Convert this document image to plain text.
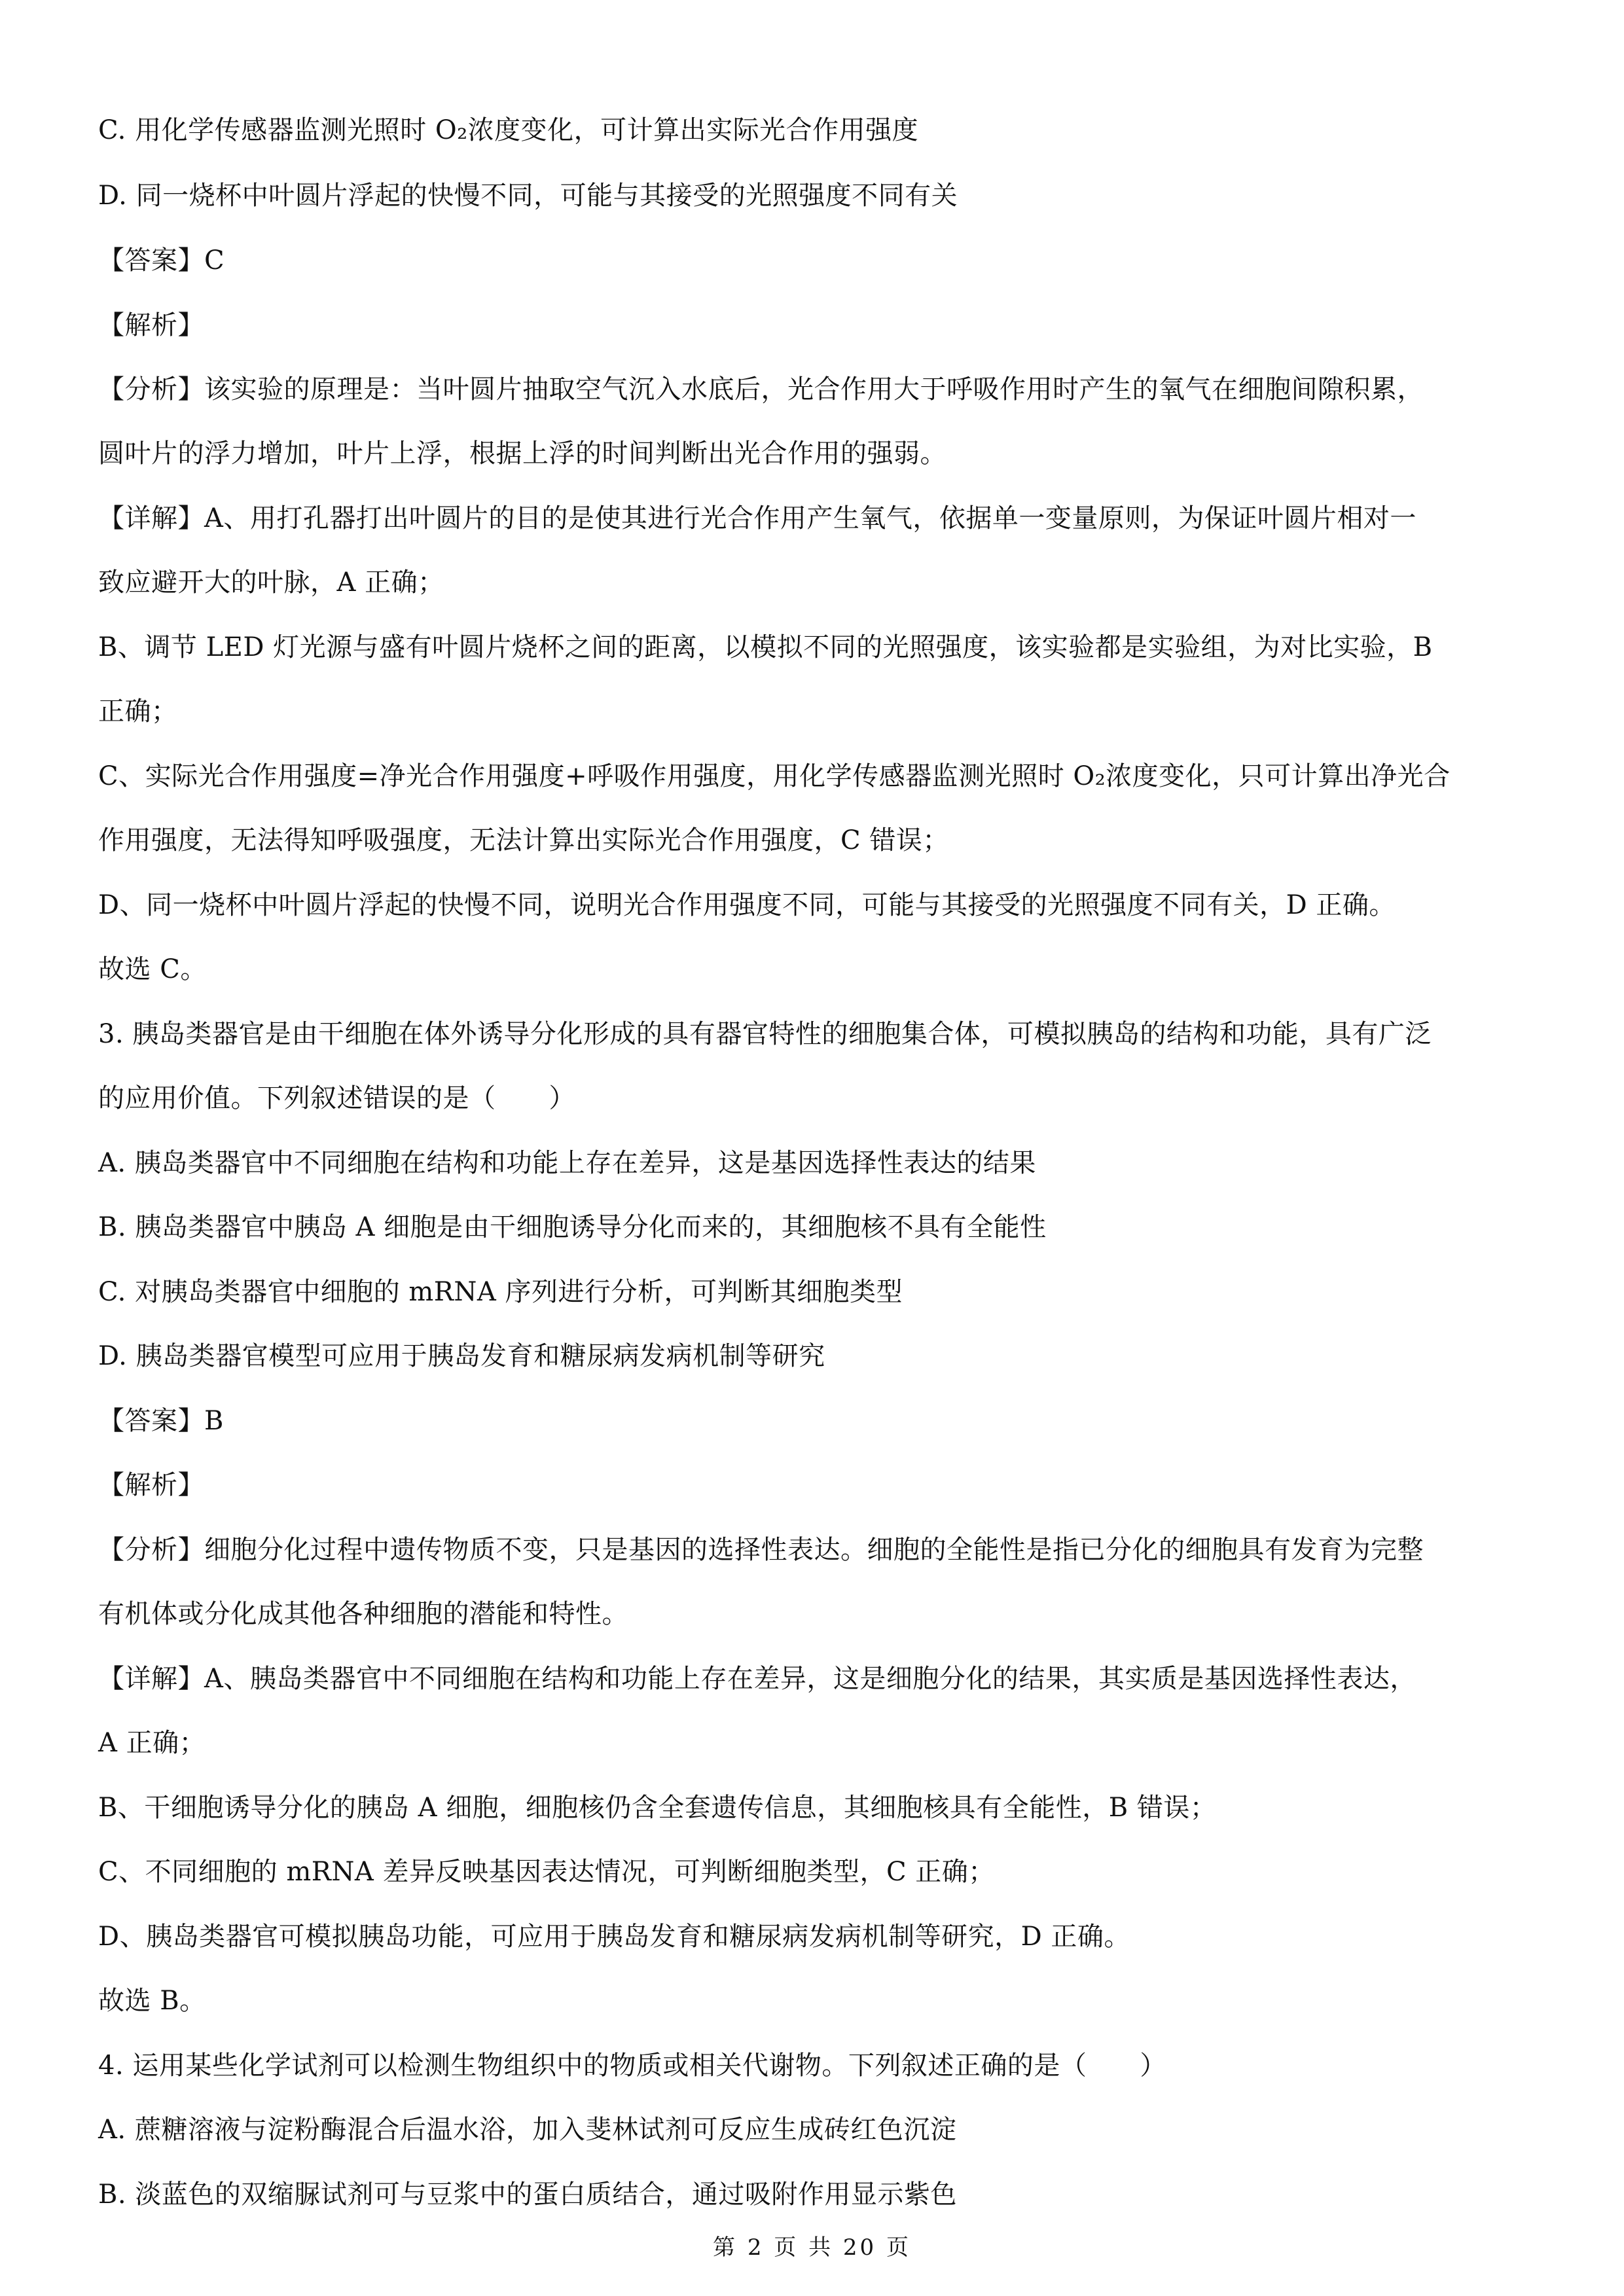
C. 用化学传感器监测光照时 O₂浓度变化，可计算出实际光合作用强度
D. 同一烧杯中叶圆片浮起的快慢不同，可能与其接受的光照强度不同有关
【答案】C
【解析】
【分析】该实验的原理是：当叶圆片抽取空气沉入水底后，光合作用大于呼吸作用时产生的氧气在细胞间隙积累，
圆叶片的浮力增加，叶片上浮，根据上浮的时间判断出光合作用的强弱。
【详解】A、用打孔器打出叶圆片的目的是使其进行光合作用产生氧气，依据单一变量原则，为保证叶圆片相对一
致应避开大的叶脉，A 正确；
B、调节 LED 灯光源与盛有叶圆片烧杯之间的距离，以模拟不同的光照强度，该实验都是实验组，为对比实验，B
正确；
C、实际光合作用强度=净光合作用强度+呼吸作用强度，用化学传感器监测光照时 O₂浓度变化，只可计算出净光合
作用强度，无法得知呼吸强度，无法计算出实际光合作用强度，C 错误；
D、同一烧杯中叶圆片浮起的快慢不同，说明光合作用强度不同，可能与其接受的光照强度不同有关，D 正确。
故选 C。
3. 胰岛类器官是由干细胞在体外诱导分化形成的具有器官特性的细胞集合体，可模拟胰岛的结构和功能，具有广泛
的应用价值。下列叙述错误的是（　　）
A. 胰岛类器官中不同细胞在结构和功能上存在差异，这是基因选择性表达的结果
B. 胰岛类器官中胰岛 A 细胞是由干细胞诱导分化而来的，其细胞核不具有全能性
C. 对胰岛类器官中细胞的 mRNA 序列进行分析，可判断其细胞类型
D. 胰岛类器官模型可应用于胰岛发育和糖尿病发病机制等研究
【答案】B
【解析】
【分析】细胞分化过程中遗传物质不变，只是基因的选择性表达。细胞的全能性是指已分化的细胞具有发育为完整
有机体或分化成其他各种细胞的潜能和特性。
【详解】A、胰岛类器官中不同细胞在结构和功能上存在差异，这是细胞分化的结果，其实质是基因选择性表达，
A 正确；
B、干细胞诱导分化的胰岛 A 细胞，细胞核仍含全套遗传信息，其细胞核具有全能性，B 错误；
C、不同细胞的 mRNA 差异反映基因表达情况，可判断细胞类型，C 正确；
D、胰岛类器官可模拟胰岛功能，可应用于胰岛发育和糖尿病发病机制等研究，D 正确。
故选 B。
4. 运用某些化学试剂可以检测生物组织中的物质或相关代谢物。下列叙述正确的是（　　）
A. 蔗糖溶液与淀粉酶混合后温水浴，加入斐林试剂可反应生成砖红色沉淀
B. 淡蓝色的双缩脲试剂可与豆浆中的蛋白质结合，通过吸附作用显示紫色
第 2 页 共 20 页
